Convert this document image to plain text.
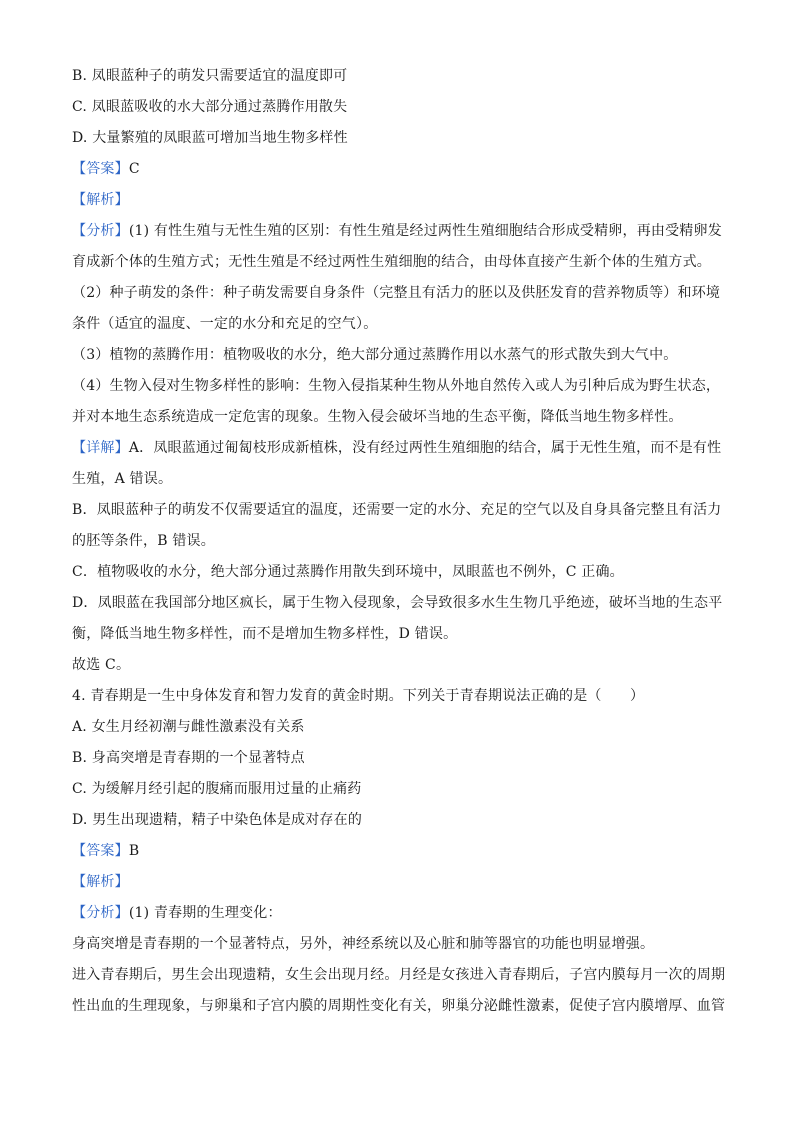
B. 凤眼蓝种子的萌发只需要适宜的温度即可
C. 凤眼蓝吸收的水大部分通过蒸腾作用散失
D. 大量繁殖的凤眼蓝可增加当地生物多样性
【答案】C
【解析】
【分析】(1) 有性生殖与无性生殖的区别：有性生殖是经过两性生殖细胞结合形成受精卵，再由受精卵发
育成新个体的生殖方式；无性生殖是不经过两性生殖细胞的结合，由母体直接产生新个体的生殖方式。
（2）种子萌发的条件：种子萌发需要自身条件（完整且有活力的胚以及供胚发育的营养物质等）和环境
条件（适宜的温度、一定的水分和充足的空气）。
（3）植物的蒸腾作用：植物吸收的水分，绝大部分通过蒸腾作用以水蒸气的形式散失到大气中。
（4）生物入侵对生物多样性的影响：生物入侵指某种生物从外地自然传入或人为引种后成为野生状态，
并对本地生态系统造成一定危害的现象。生物入侵会破坏当地的生态平衡，降低当地生物多样性。
【详解】A．凤眼蓝通过匍匐枝形成新植株，没有经过两性生殖细胞的结合，属于无性生殖，而不是有性
生殖，A 错误。
B．凤眼蓝种子的萌发不仅需要适宜的温度，还需要一定的水分、充足的空气以及自身具备完整且有活力
的胚等条件，B 错误。
C．植物吸收的水分，绝大部分通过蒸腾作用散失到环境中，凤眼蓝也不例外，C 正确。
D．凤眼蓝在我国部分地区疯长，属于生物入侵现象，会导致很多水生生物几乎绝迹，破坏当地的生态平
衡，降低当地生物多样性，而不是增加生物多样性，D 错误。
故选 C。
4. 青春期是一生中身体发育和智力发育的黄金时期。下列关于青春期说法正确的是（　　）
A. 女生月经初潮与雌性激素没有关系
B. 身高突增是青春期的一个显著特点
C. 为缓解月经引起的腹痛而服用过量的止痛药
D. 男生出现遗精，精子中染色体是成对存在的
【答案】B
【解析】
【分析】(1) 青春期的生理变化：
身高突增是青春期的一个显著特点，另外，神经系统以及心脏和肺等器官的功能也明显增强。
进入青春期后，男生会出现遗精，女生会出现月经。月经是女孩进入青春期后，子宫内膜每月一次的周期
性出血的生理现象，与卵巢和子宫内膜的周期性变化有关，卵巢分泌雌性激素，促使子宫内膜增厚、血管
